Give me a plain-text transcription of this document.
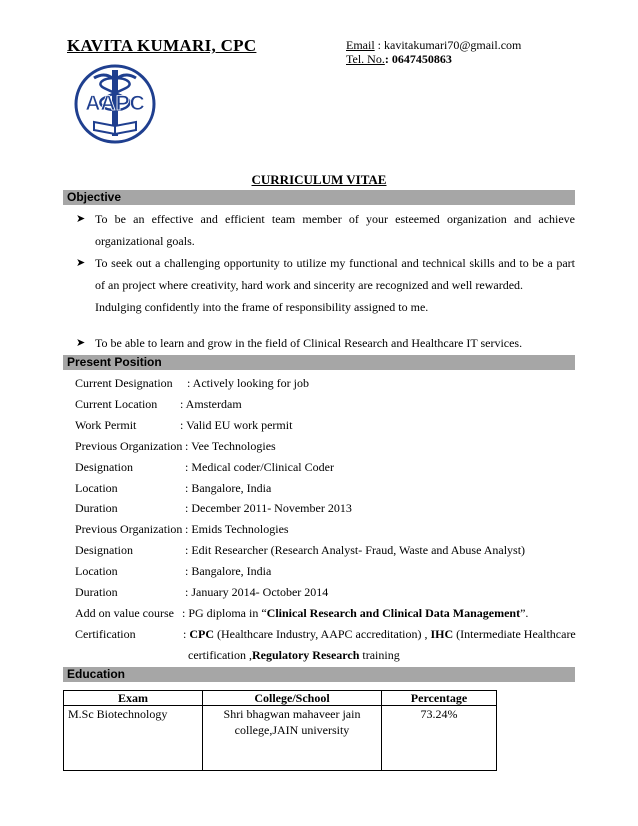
KAVITA KUMARI, CPC	Email : kavitakumari70@gmail.com
Tel. No.: 0647450863
AAPC
CURRICULUM VITAE
Objective
➤ To be an effective and efficient team member of your esteemed organization and achieve organizational goals.

➤ To seek out a challenging opportunity to utilize my functional and technical skills and to be a part of an project where creativity, hard work and sincerity are recognized and well rewarded.

Indulging confidently into the frame of responsibility assigned to me.

➤ To be able to learn and grow in the field of Clinical Research and Healthcare IT services.

Present Position
Current Designation : Actively looking for job
Current Location : Amsterdam
Work Permit	: Valid EU work permit
Previous Organization : Vee Technologies
Designation	: Medical coder/Clinical Coder
Location	: Bangalore, India
Duration	: December 2011- November 2013
Previous Organization : Emids Technologies
Designation	: Edit Researcher (Research Analyst- Fraud, Waste and Abuse Analyst)
Location	: Bangalore, India
Duration	: January 2014- October 2014
Add on value course : PG diploma in “Clinical Research and Clinical Data Management”.
Certification	: CPC (Healthcare Industry, AAPC accreditation) , IHC (Intermediate Healthcare
certification ,Regulatory Research training
Education
Exam	College/School	Percentage
M.Sc Biotechnology	Shri bhagwan mahaveer jain college,JAIN university	73.24%
